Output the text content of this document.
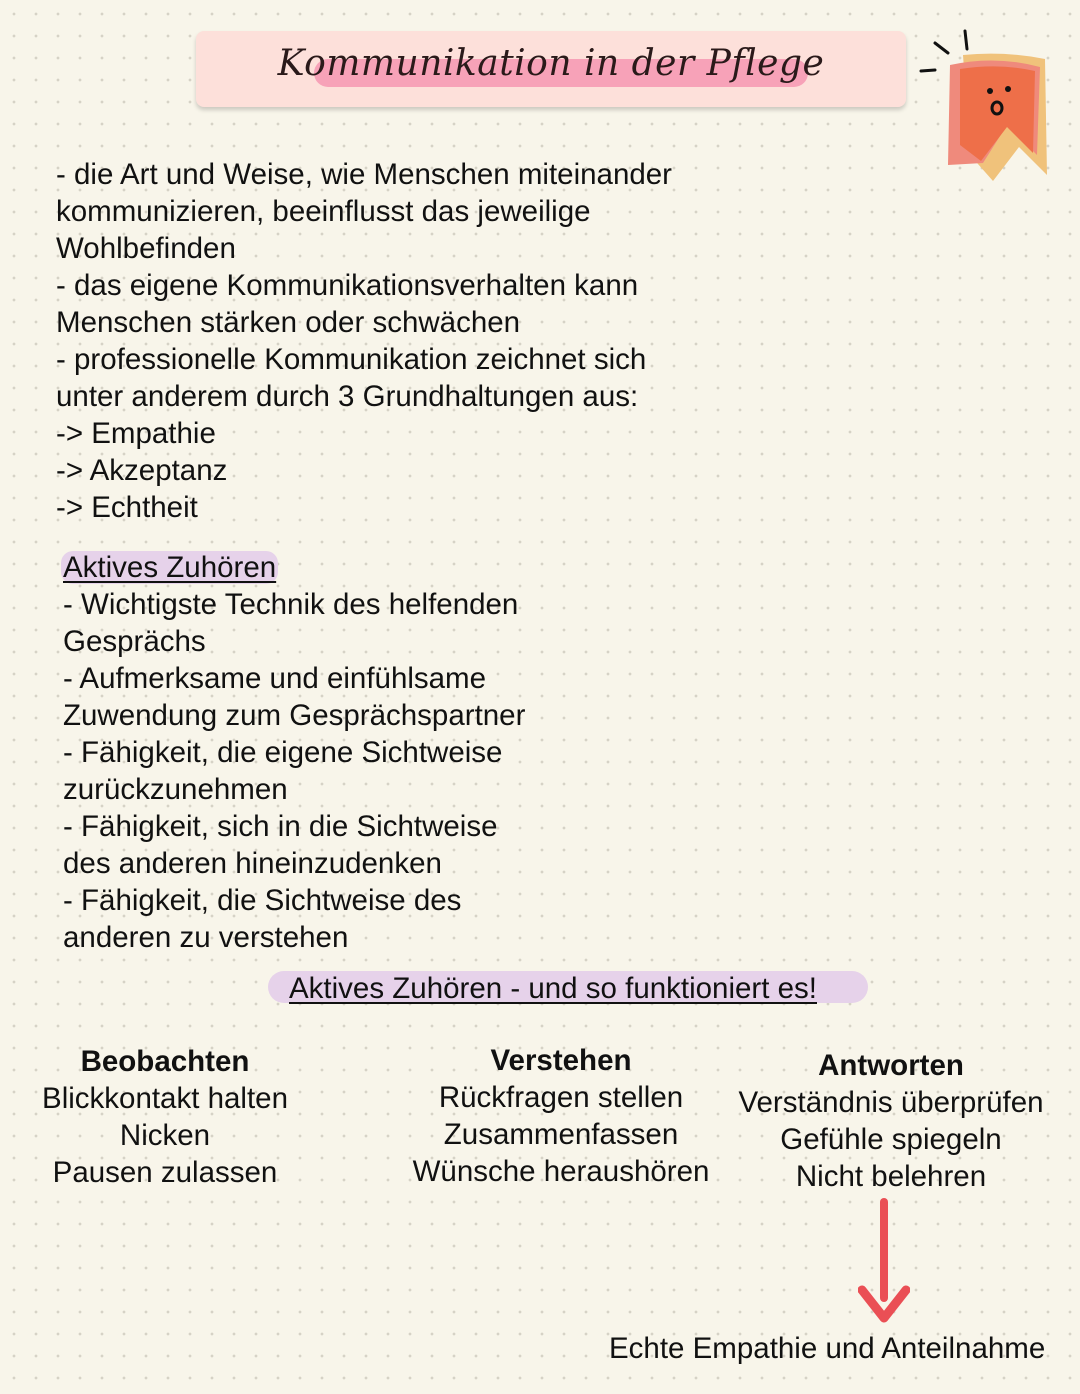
Kommunikation in der Pflege
- die Art und Weise, wie Menschen miteinander
kommunizieren, beeinflusst das jeweilige
Wohlbefinden
- das eigene Kommunikationsverhalten kann
Menschen stärken oder schwächen
- professionelle Kommunikation zeichnet sich
unter anderem durch 3 Grundhaltungen aus:
-> Empathie
-> Akzeptanz
-> Echtheit
Aktives Zuhören
- Wichtigste Technik des helfenden
Gesprächs
- Aufmerksame und einfühlsame
Zuwendung zum Gesprächspartner
- Fähigkeit, die eigene Sichtweise
zurückzunehmen
- Fähigkeit, sich in die Sichtweise
des anderen hineinzudenken
- Fähigkeit, die Sichtweise des
anderen zu verstehen
Aktives Zuhören - und so funktioniert es!
Beobachten
Blickkontakt halten
Nicken
Pausen zulassen
Verstehen
Rückfragen stellen
Zusammenfassen
Wünsche heraushören
Antworten
Verständnis überprüfen
Gefühle spiegeln
Nicht belehren
Echte Empathie und Anteilnahme
